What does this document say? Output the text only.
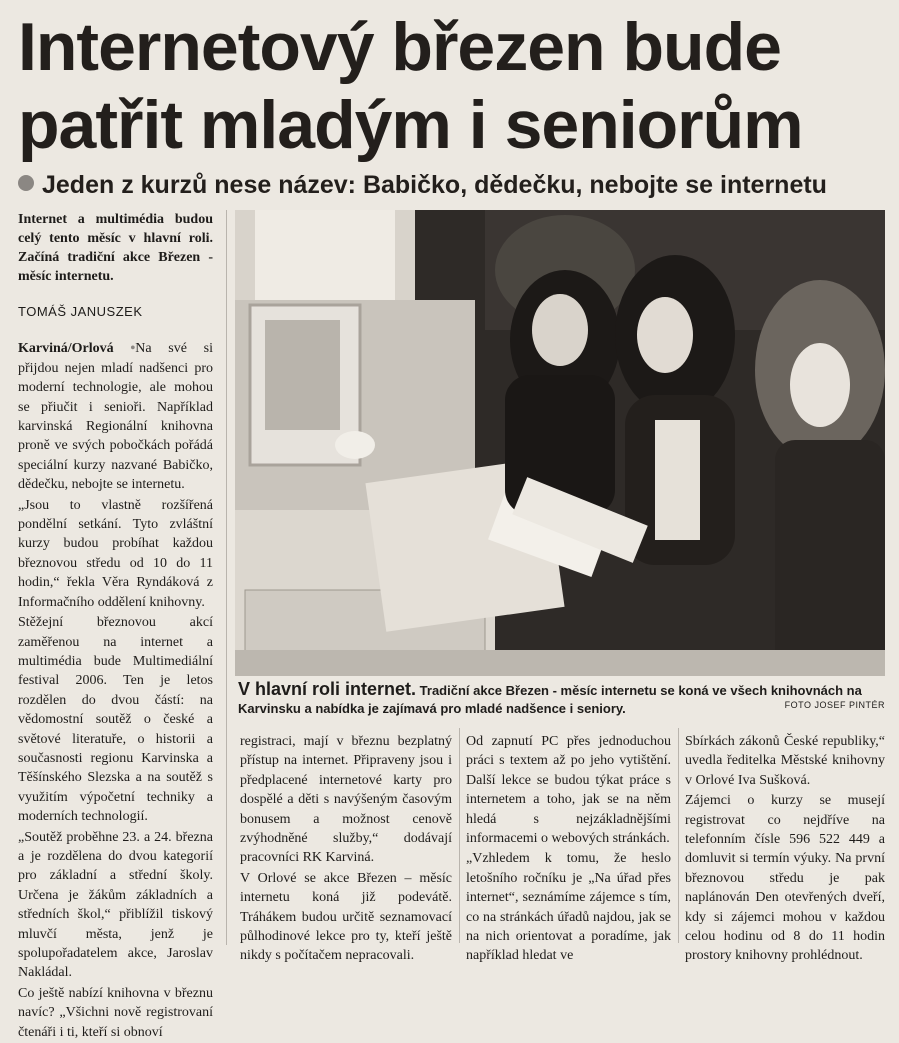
Internetový březen bude
patřit mladým i seniorům
Jeden z kurzů nese název: Babičko, dědečku, nebojte se internetu

Internet a multimédia budou celý tento měsíc v hlavní roli. Začíná tradiční akce Březen - měsíc internetu.

TOMÁŠ JANUSZEK

Karviná/Orlová • Na své si přijdou nejen mladí nadšenci pro moderní technologie, ale mohou se přiučit i senioři. Například karvinská Regionální knihovna proně ve svých pobočkách pořádá speciální kurzy nazvané Babičko, dědečku, nebojte se internetu.

„Jsou to vlastně rozšířená pondělní setkání. Tyto zvláštní kurzy budou probíhat každou březnovou středu od 10 do 11 hodin,“ řekla Věra Ryndáková z Informačního oddělení knihovny.

Stěžejní březnovou akcí zaměřenou na internet a multimédia bude Multimediální festival 2006. Ten je letos rozdělen do dvou částí: na vědomostní soutěž o české a světové literatuře, o historii a současnosti regionu Karvinska a Těšínského Slezska a na soutěž s využitím výpočetní techniky a moderních technologií.

„Soutěž proběhne 23. a 24. března a je rozdělena do dvou kategorií pro základní a střední školy. Určena je žákům základních a středních škol,“ přiblížil tiskový mluvčí města, jenž je spolupořadatelem akce, Jaroslav Nakládal.

Co ještě nabízí knihovna v březnu navíc? „Všichni nově registrovaní čtenáři i ti, kteří si obnoví

V hlavní roli internet. Tradiční akce Březen - měsíc internetu se koná ve všech knihovnách na Karvinsku a nabídka je zajímavá pro mladé nadšence i seniory.	FOTO JOSEF PINTÉR

registraci, mají v březnu bezplatný přístup na internet. Připraveny jsou i předplacené internetové karty pro dospělé a děti s navýšeným časovým bonusem a možnost cenově zvýhodněné služby,“ dodávají pracovníci RK Karviná.

V Orlové se akce Březen – měsíc internetu koná již podevátě. Tráhákem budou určitě seznamovací půlhodinové lekce pro ty, kteří ještě nikdy s počítačem nepracovali.

Od zapnutí PC přes jednoduchou práci s textem až po jeho vytištění. Další lekce se budou týkat práce s internetem a toho, jak se na něm hledá s nejzákladnějšími informacemi o webových stránkách.

„Vzhledem k tomu, že heslo letošního ročníku je „Na úřad přes internet“, seznámíme zájemce s tím, co na stránkách úřadů najdou, jak se na nich orientovat a poradíme, jak například hledat ve

Sbírkách zákonů České republiky,“ uvedla ředitelka Městské knihovny v Orlové Iva Sušková.

Zájemci o kurzy se musejí registrovat co nejdříve na telefonním čísle 596 522 449 a domluvit si termín výuky. Na první březnovou středu je pak naplánován Den otevřených dveří, kdy si zájemci mohou v každou celou hodinu od 8 do 11 hodin prostory knihovny prohlédnout.
